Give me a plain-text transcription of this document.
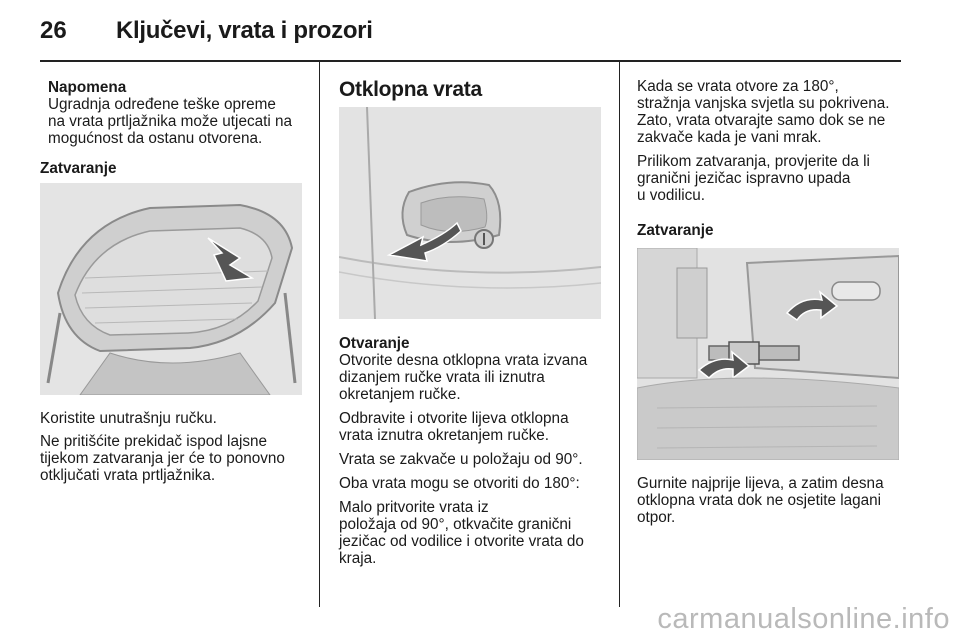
26 Ključevi, vrata i prozori
Napomena
Ugradnja određene teške opreme
na vrata prtljažnika može utjecati na
mogućnost da ostanu otvorena.
Zatvaranje
Koristite unutrašnju ručku.
Ne pritišćite prekidač ispod lajsne
tijekom zatvaranja jer će to ponovno
otključati vrata prtljažnika.
Otklopna vrata
Otvaranje
Otvorite desna otklopna vrata izvana
dizanjem ručke vrata ili iznutra
okretanjem ručke.
Odbravite i otvorite lijeva otklopna
vrata iznutra okretanjem ručke.
Vrata se zakvače u položaju od 90°.
Oba vrata mogu se otvoriti do 180°:
Malo pritvorite vrata iz
položaja od 90°, otkvačite granični
jezičac od vodilice i otvorite vrata do
kraja.
Kada se vrata otvore za 180°,
stražnja vanjska svjetla su pokrivena.
Zato, vrata otvarajte samo dok se ne
zakvače kada je vani mrak.
Prilikom zatvaranja, provjerite da li
granični jezičac ispravno upada
u vodilicu.
Zatvaranje
Gurnite najprije lijeva, a zatim desna
otklopna vrata dok ne osjetite lagani
otpor.
carmanualsonline.info
